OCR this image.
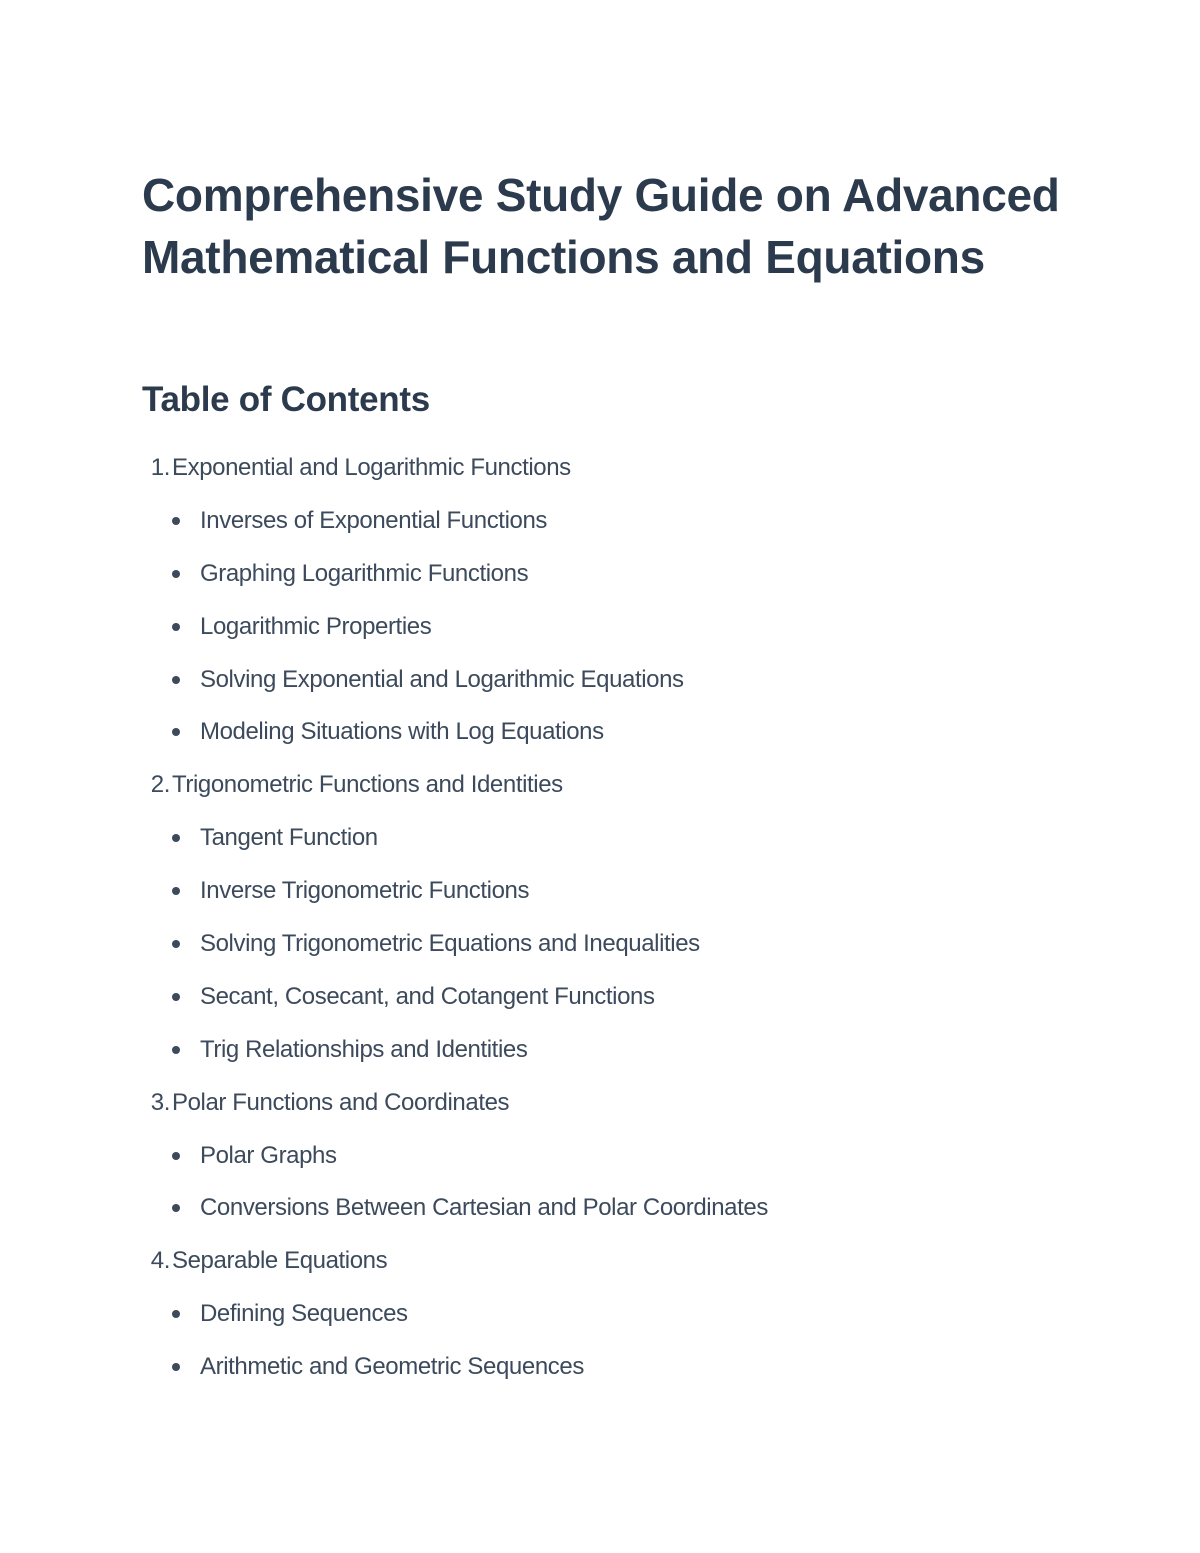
Comprehensive Study Guide on Advanced Mathematical Functions and Equations
Table of Contents
1.Exponential and Logarithmic Functions
Inverses of Exponential Functions
Graphing Logarithmic Functions
Logarithmic Properties
Solving Exponential and Logarithmic Equations
Modeling Situations with Log Equations
2.Trigonometric Functions and Identities
Tangent Function
Inverse Trigonometric Functions
Solving Trigonometric Equations and Inequalities
Secant, Cosecant, and Cotangent Functions
Trig Relationships and Identities
3.Polar Functions and Coordinates
Polar Graphs
Conversions Between Cartesian and Polar Coordinates
4.Separable Equations
Defining Sequences
Arithmetic and Geometric Sequences
